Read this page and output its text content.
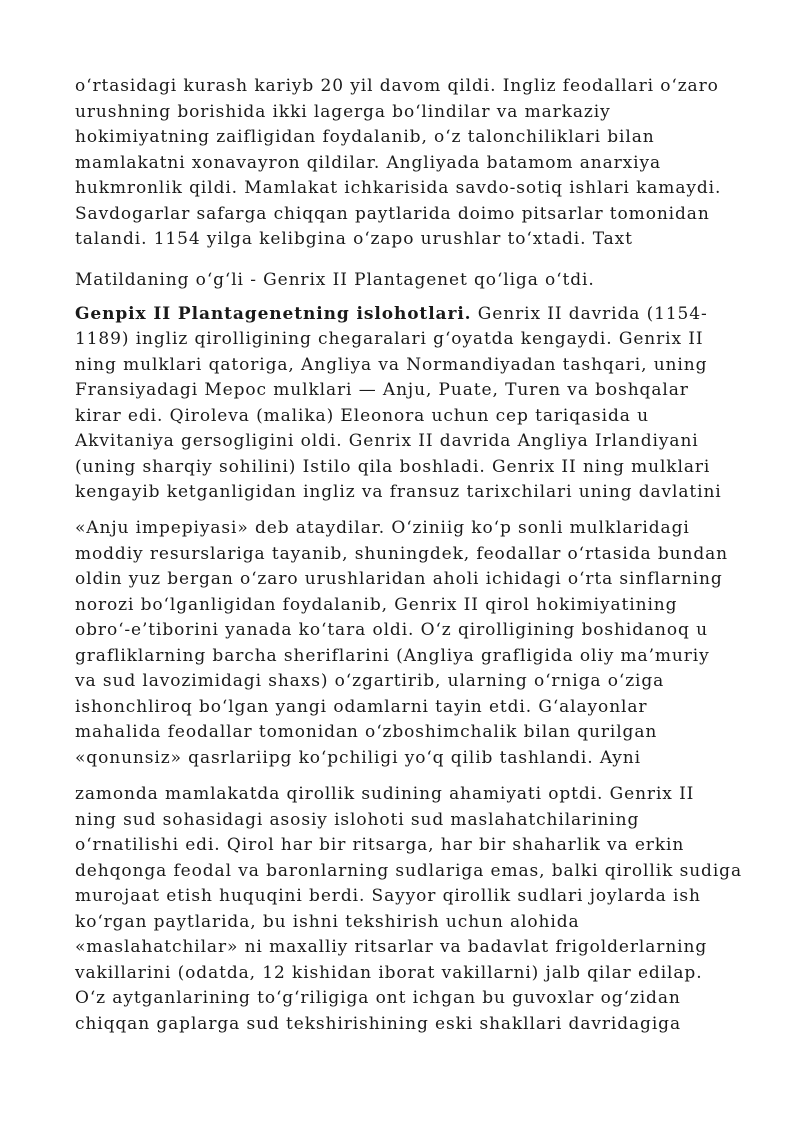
o‘rtasidagi kurash kariyb 20 yil davom qildi. Ingliz feodallari o‘zaro
urushning borishida ikki lagerga bo‘lindilar va markaziy
hokimiyatning zaifligidan foydalanib, o‘z talonchiliklari bilan
mamlakatni xonavayron qildilar. Angliyada batamom anarxiya
hukmronlik qildi. Mamlakat ichkarisida savdo-sotiq ishlari kamaydi.
Savdogarlar safarga chiqqan paytlarida doimo pitsarlar tomonidan
talandi. 1154 yilga kelibgina o‘zapo urushlar to‘xtadi. Taxt
Matildaning o‘g‘li - Genrix II Plantagenet qo‘liga o‘tdi.
Genpix II Plantagenetning islohotlari. Genrix II davrida (1154-
1189) ingliz qirolligining chegaralari g‘oyatda kengaydi. Genrix II
ning mulklari qatoriga, Angliya va Normandiyadan tashqari, uning
Fransiyadagi Mepoc mulklari — Anju, Puate, Turen va boshqalar
kirar edi. Qiroleva (malika) Eleonora uchun cep tariqasida u
Akvitaniya gersogligini oldi. Genrix II davrida Angliya Irlandiyani
(uning sharqiy sohilini) Istilo qila boshladi. Genrix II ning mulklari
kengayib ketganligidan ingliz va fransuz tarixchilari uning davlatini
«Anju impepiyasi» deb ataydilar. O‘ziniig ko‘p sonli mulklaridagi
moddiy resurslariga tayanib, shuningdek, feodallar o‘rtasida bundan
oldin yuz bergan o‘zaro urushlaridan aholi ichidagi o‘rta sinflarning
norozi bo‘lganligidan foydalanib, Genrix II qirol hokimiyatining
obro‘-e’tiborini yanada ko‘tara oldi. O‘z qirolligining boshidanoq u
grafliklarning barcha sheriflarini (Angliya grafligida oliy ma’muriy
va sud lavozimidagi shaxs) o‘zgartirib, ularning o‘rniga o‘ziga
ishonchliroq bo‘lgan yangi odamlarni tayin etdi. G‘alayonlar
mahalida feodallar tomonidan o‘zboshimchalik bilan qurilgan
«qonunsiz» qasrlariipg ko‘pchiligi yo‘q qilib tashlandi. Ayni
zamonda mamlakatda qirollik sudining ahamiyati optdi. Genrix II
ning sud sohasidagi asosiy islohoti sud maslahatchilarining
o‘rnatilishi edi. Qirol har bir ritsarga, har bir shaharlik va erkin
dehqonga feodal va baronlarning sudlariga emas, balki qirollik sudiga
murojaat etish huquqini berdi. Sayyor qirollik sudlari joylarda ish
ko‘rgan paytlarida, bu ishni tekshirish uchun alohida
«maslahatchilar» ni maxalliy ritsarlar va badavlat frigolderlarning
vakillarini (odatda, 12 kishidan iborat vakillarni) jalb qilar edilap.
O‘z aytganlarining to‘g‘riligiga ont ichgan bu guvoxlar og‘zidan
chiqqan gaplarga sud tekshirishining eski shakllari davridagiga
